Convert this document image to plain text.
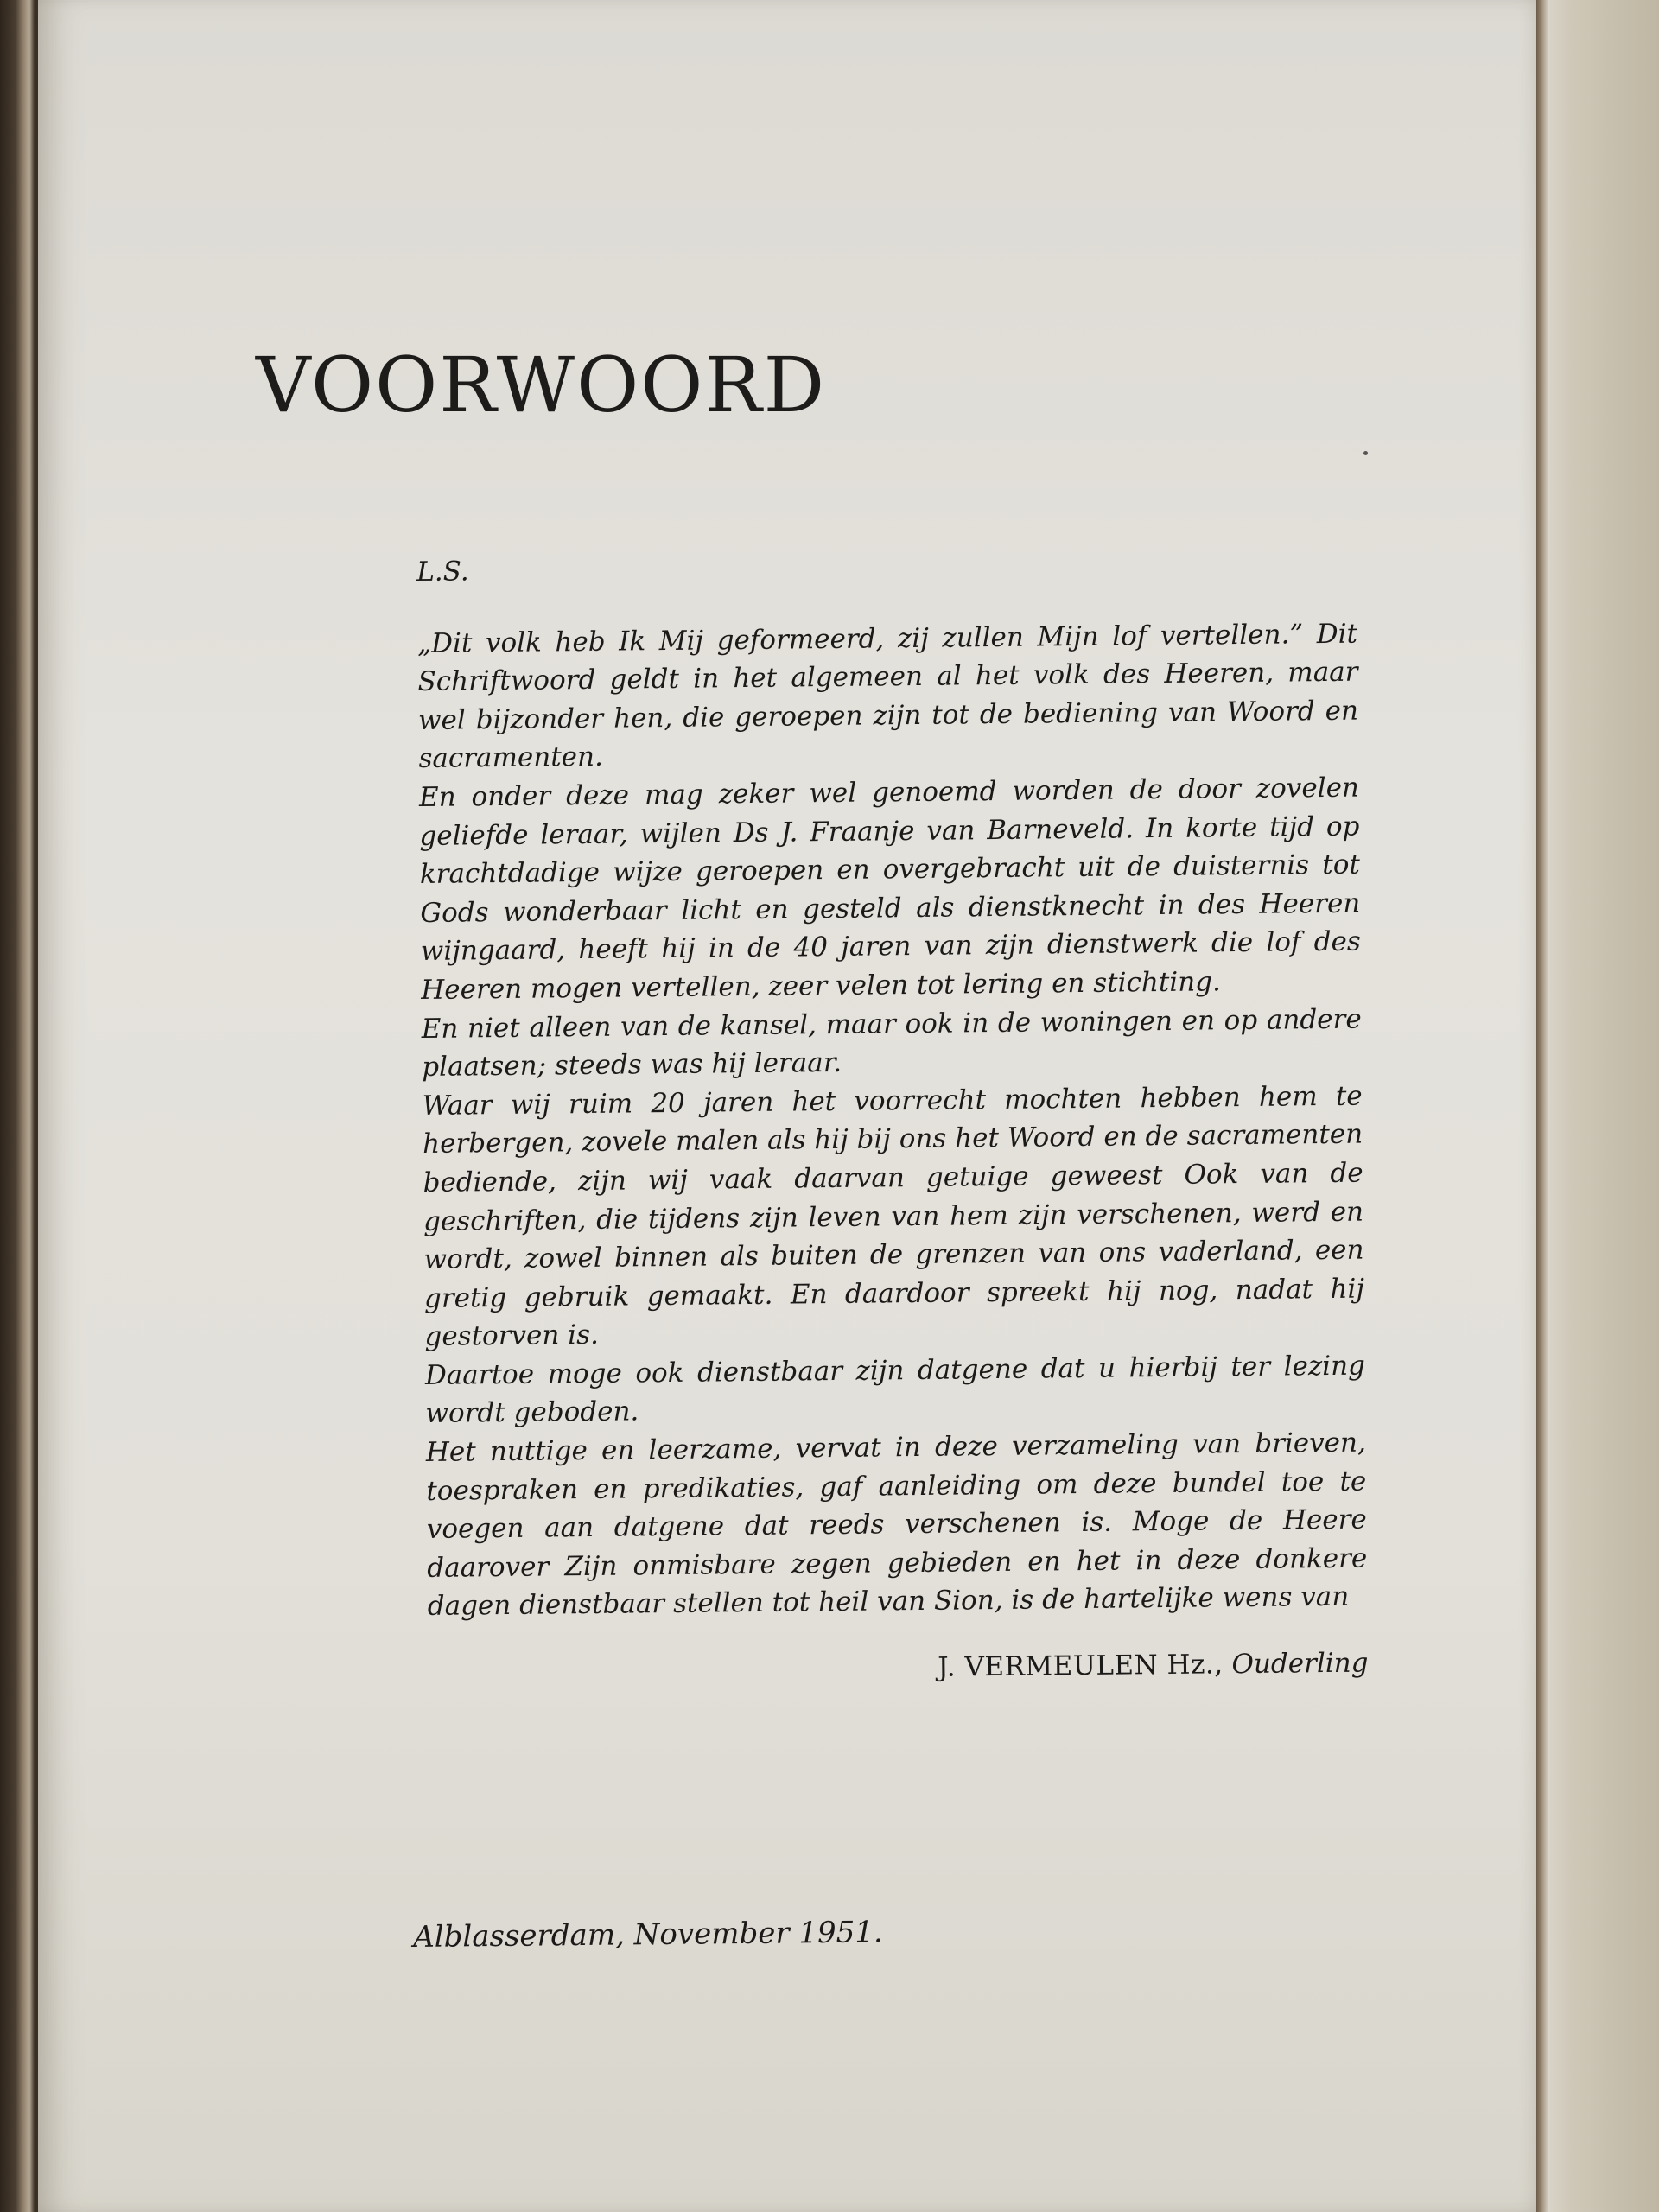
VOORWOORD

L.S.

„Dit volk heb Ik Mij geformeerd, zij zullen Mijn lof vertellen.” Dit Schriftwoord geldt in het algemeen al het volk des Heeren, maar wel bijzonder hen, die geroepen zijn tot de bediening van Woord en sacramenten.

En onder deze mag zeker wel genoemd worden de door zovelen geliefde leraar, wijlen Ds J. Fraanje van Barneveld. In korte tijd op krachtdadige wijze geroepen en overgebracht uit de duisternis tot Gods wonderbaar licht en gesteld als dienstknecht in des Heeren wijngaard, heeft hij in de 40 jaren van zijn dienstwerk die lof des Heeren mogen vertellen, zeer velen tot lering en stichting.

En niet alleen van de kansel, maar ook in de woningen en op andere plaatsen; steeds was hij leraar.

Waar wij ruim 20 jaren het voorrecht mochten hebben hem te herbergen, zovele malen als hij bij ons het Woord en de sacramenten bediende, zijn wij vaak daarvan getuige geweest Ook van de geschriften, die tijdens zijn leven van hem zijn verschenen, werd en wordt, zowel binnen als buiten de grenzen van ons vaderland, een gretig gebruik gemaakt. En daardoor spreekt hij nog, nadat hij gestorven is.

Daartoe moge ook dienstbaar zijn datgene dat u hierbij ter lezing wordt geboden.

Het nuttige en leerzame, vervat in deze verzameling van brieven, toespraken en predikaties, gaf aanleiding om deze bundel toe te voegen aan datgene dat reeds verschenen is. Moge de Heere daarover Zijn onmisbare zegen gebieden en het in deze donkere dagen dienstbaar stellen tot heil van Sion, is de hartelijke wens van

J. VERMEULEN Hz., Ouderling

Alblasserdam, November 1951.
